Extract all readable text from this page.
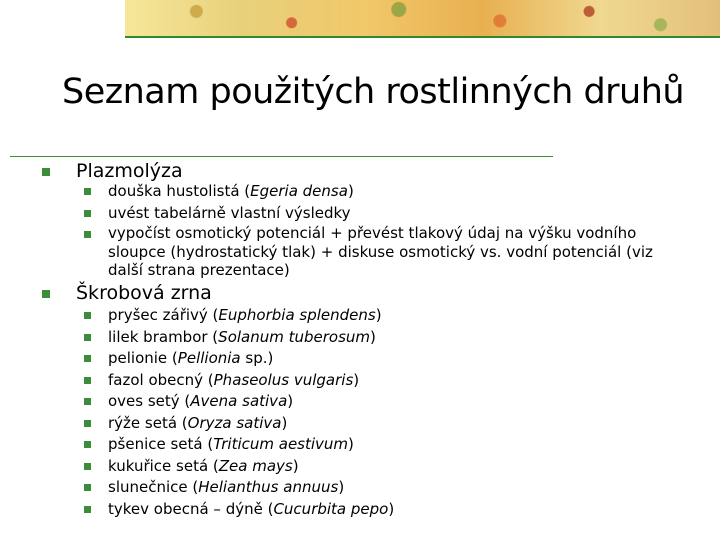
Seznam použitých rostlinných druhů
Plazmolýza
douška hustolistá (Egeria densa)
uvést tabelárně vlastní výsledky
vypočíst osmotický potenciál + převést tlakový údaj na výšku vodního sloupce (hydrostatický tlak) + diskuse osmotický vs. vodní potenciál (viz další strana prezentace)
Škrobová zrna
pryšec zářivý (Euphorbia splendens)
lilek brambor (Solanum tuberosum)
pelionie (Pellionia sp.)
fazol obecný (Phaseolus vulgaris)
oves setý (Avena sativa)
rýže setá (Oryza sativa)
pšenice setá (Triticum aestivum)
kukuřice setá (Zea mays)
slunečnice (Helianthus annuus)
tykev obecná – dýně (Cucurbita pepo)
